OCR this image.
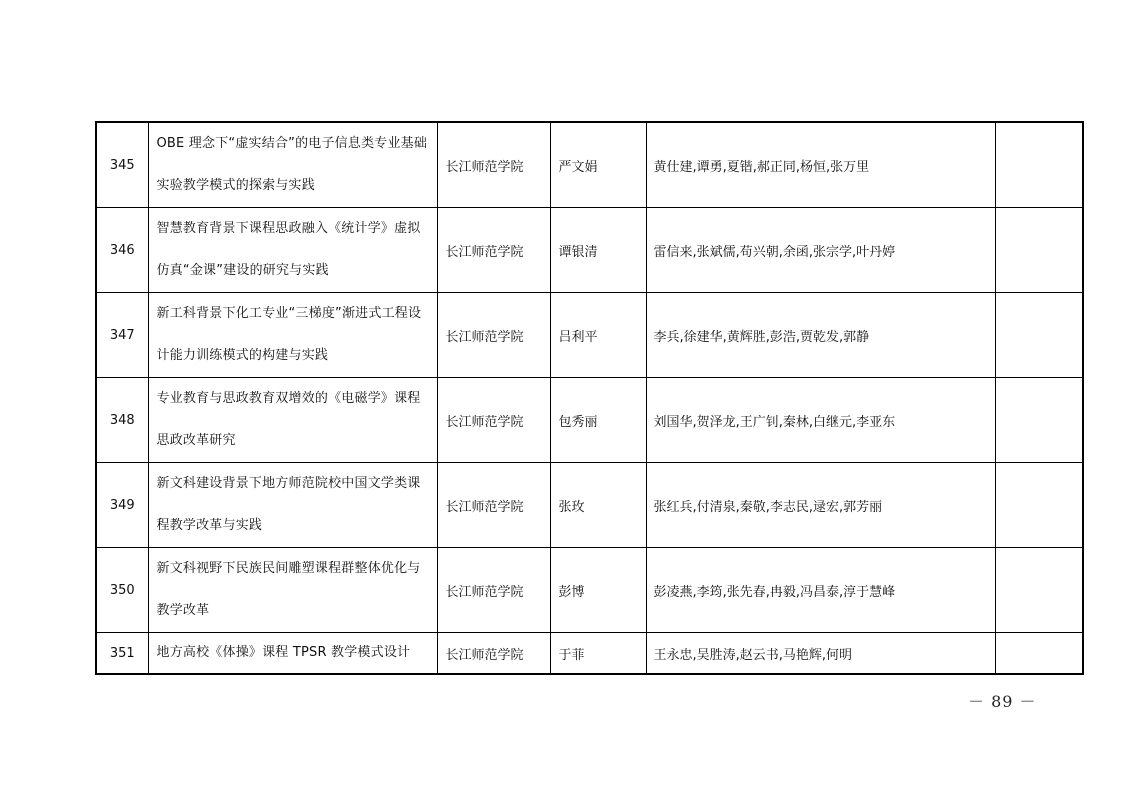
345	OBE 理念下“虚实结合”的电子信息类专业基础实验教学模式的探索与实践	长江师范学院	严文娟	黄仕建,谭勇,夏锴,郝正同,杨恒,张万里	
346	智慧教育背景下课程思政融入《统计学》虚拟仿真“金课”建设的研究与实践	长江师范学院	谭银清	雷信来,张斌儒,苟兴朝,余函,张宗学,叶丹婷	
347	新工科背景下化工专业“三梯度”渐进式工程设计能力训练模式的构建与实践	长江师范学院	吕利平	李兵,徐建华,黄辉胜,彭浩,贾乾发,郭静	
348	专业教育与思政教育双增效的《电磁学》课程思政改革研究	长江师范学院	包秀丽	刘国华,贺泽龙,王广钊,秦林,白继元,李亚东	
349	新文科建设背景下地方师范院校中国文学类课程教学改革与实践	长江师范学院	张玫	张红兵,付清泉,秦敬,李志民,逯宏,郭芳丽	
350	新文科视野下民族民间雕塑课程群整体优化与教学改革	长江师范学院	彭博	彭凌燕,李筠,张先春,冉毅,冯昌泰,淳于慧峰	
351	地方高校《体操》课程 TPSR 教学模式设计	长江师范学院	于菲	王永忠,吴胜涛,赵云书,马艳辉,何明	
－ 89 －
